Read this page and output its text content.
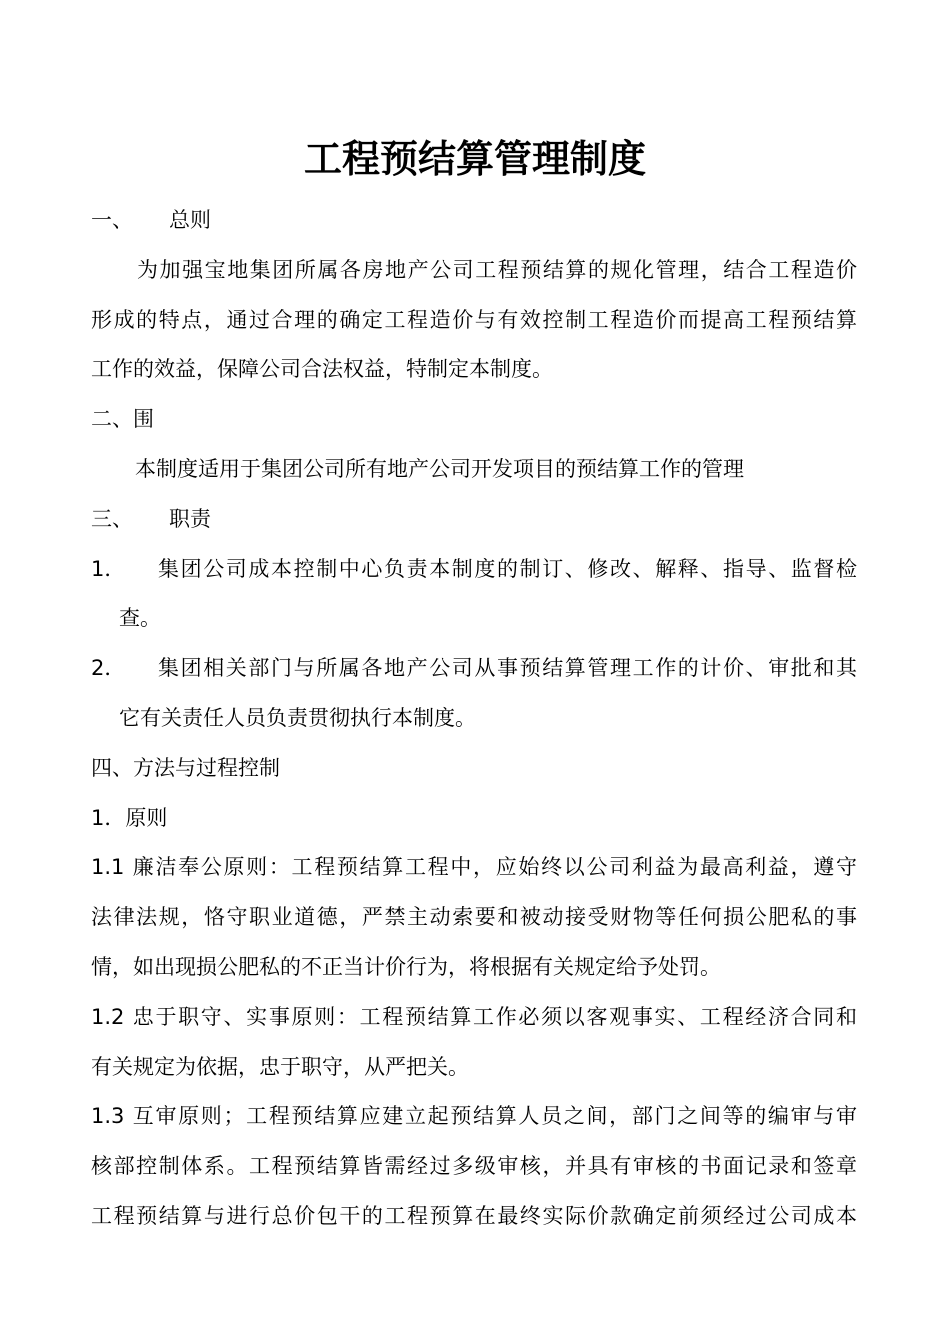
工程预结算管理制度
一、 总则
为加强宝地集团所属各房地产公司工程预结算的规化管理，结合工程造价
形成的特点，通过合理的确定工程造价与有效控制工程造价而提高工程预结算
工作的效益，保障公司合法权益，特制定本制度。
二、围
本制度适用于集团公司所有地产公司开发项目的预结算工作的管理
三、 职责
1． 集团公司成本控制中心负责本制度的制订、修改、解释、指导、监督检
查。
2． 集团相关部门与所属各地产公司从事预结算管理工作的计价、审批和其
它有关责任人员负责贯彻执行本制度。
四、方法与过程控制
1．原则
1.1 廉洁奉公原则：工程预结算工程中，应始终以公司利益为最高利益，遵守
法律法规，恪守职业道德，严禁主动索要和被动接受财物等任何损公肥私的事
情，如出现损公肥私的不正当计价行为，将根据有关规定给予处罚。
1.2 忠于职守、实事原则：工程预结算工作必须以客观事实、工程经济合同和
有关规定为依据，忠于职守，从严把关。
1.3 互审原则；工程预结算应建立起预结算人员之间，部门之间等的编审与审
核部控制体系。工程预结算皆需经过多级审核，并具有审核的书面记录和签章
工程预结算与进行总价包干的工程预算在最终实际价款确定前须经过公司成本
